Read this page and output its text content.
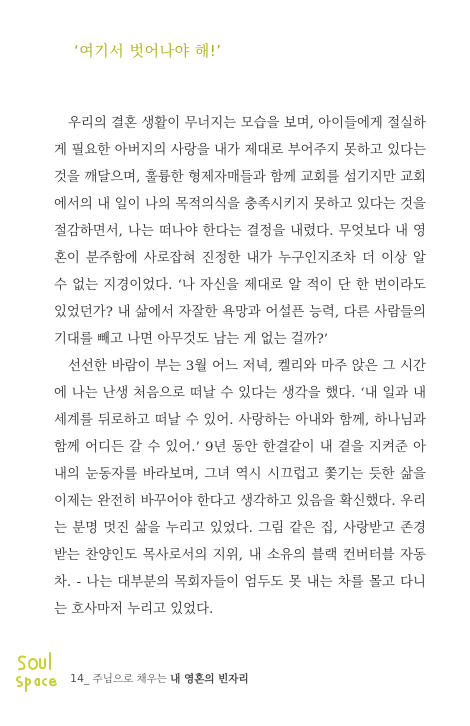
‘여기서 벗어나야 해!’

우리의 결혼 생활이 무너지는 모습을 보며, 아이들에게 절실하게 필요한 아버지의 사랑을 내가 제대로 부어주지 못하고 있다는 것을 깨달으며, 훌륭한 형제자매들과 함께 교회를 섬기지만 교회에서의 내 일이 나의 목적의식을 충족시키지 못하고 있다는 것을 절감하면서, 나는 떠나야 한다는 결정을 내렸다. 무엇보다 내 영혼이 분주함에 사로잡혀 진정한 내가 누구인지조차 더 이상 알 수 없는 지경이었다. ‘나 자신을 제대로 알 적이 단 한 번이라도 있었던가? 내 삶에서 자잘한 욕망과 어설픈 능력, 다른 사람들의 기대를 빼고 나면 아무것도 남는 게 없는 걸까?’

선선한 바람이 부는 3월 어느 저녁, 켈리와 마주 앉은 그 시간에 나는 난생 처음으로 떠날 수 있다는 생각을 했다. ‘내 일과 내 세계를 뒤로하고 떠날 수 있어. 사랑하는 아내와 함께, 하나님과 함께 어디든 갈 수 있어.’ 9년 동안 한결같이 내 곁을 지켜준 아내의 눈동자를 바라보며, 그녀 역시 시끄럽고 쫓기는 듯한 삶을 이제는 완전히 바꾸어야 한다고 생각하고 있음을 확신했다. 우리는 분명 멋진 삶을 누리고 있었다. 그림 같은 집, 사랑받고 존경받는 찬양인도 목사로서의 지위, 내 소유의 블랙 컨버터블 자동차. - 나는 대부분의 목회자들이 엄두도 못 내는 차를 몰고 다니는 호사마저 누리고 있었다.

14_ 주님으로 채우는 내 영혼의 빈자리
